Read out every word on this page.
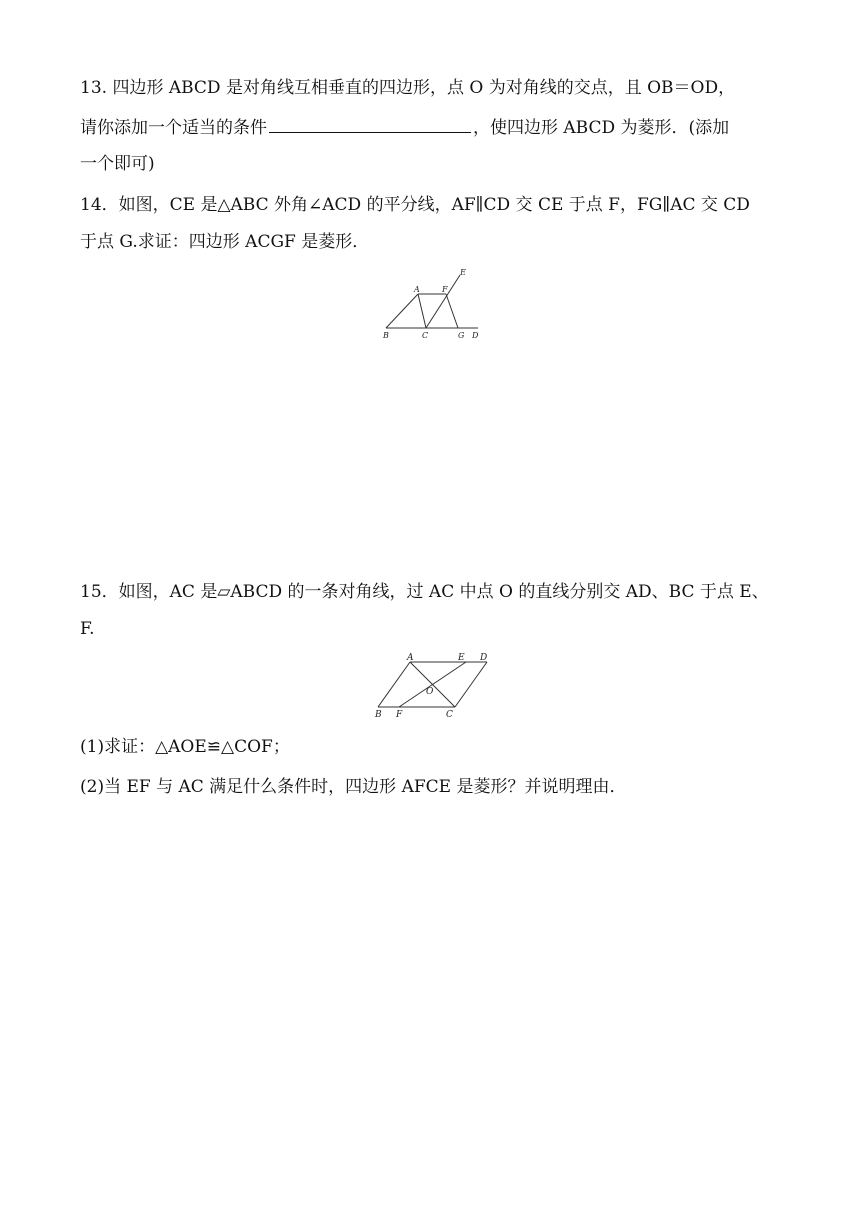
13. 四边形 ABCD 是对角线互相垂直的四边形，点 O 为对角线的交点，且 OB＝OD，
请你添加一个适当的条件	，使四边形 ABCD 为菱形．(添加
一个即可)
14．如图，CE 是△ABC 外角∠ACD 的平分线，AF∥CD 交 CE 于点 F，FG∥AC 交 CD
于点 G.求证：四边形 ACGF 是菱形．
A	F
E
B	C	G D
15．如图，AC 是▱ABCD 的一条对角线，过 AC 中点 O 的直线分别交 AD、BC 于点 E、
F.
A	E D
O
B F	C
(1)求证：△AOE≌△COF；
(2)当 EF 与 AC 满足什么条件时，四边形 AFCE 是菱形？并说明理由．
